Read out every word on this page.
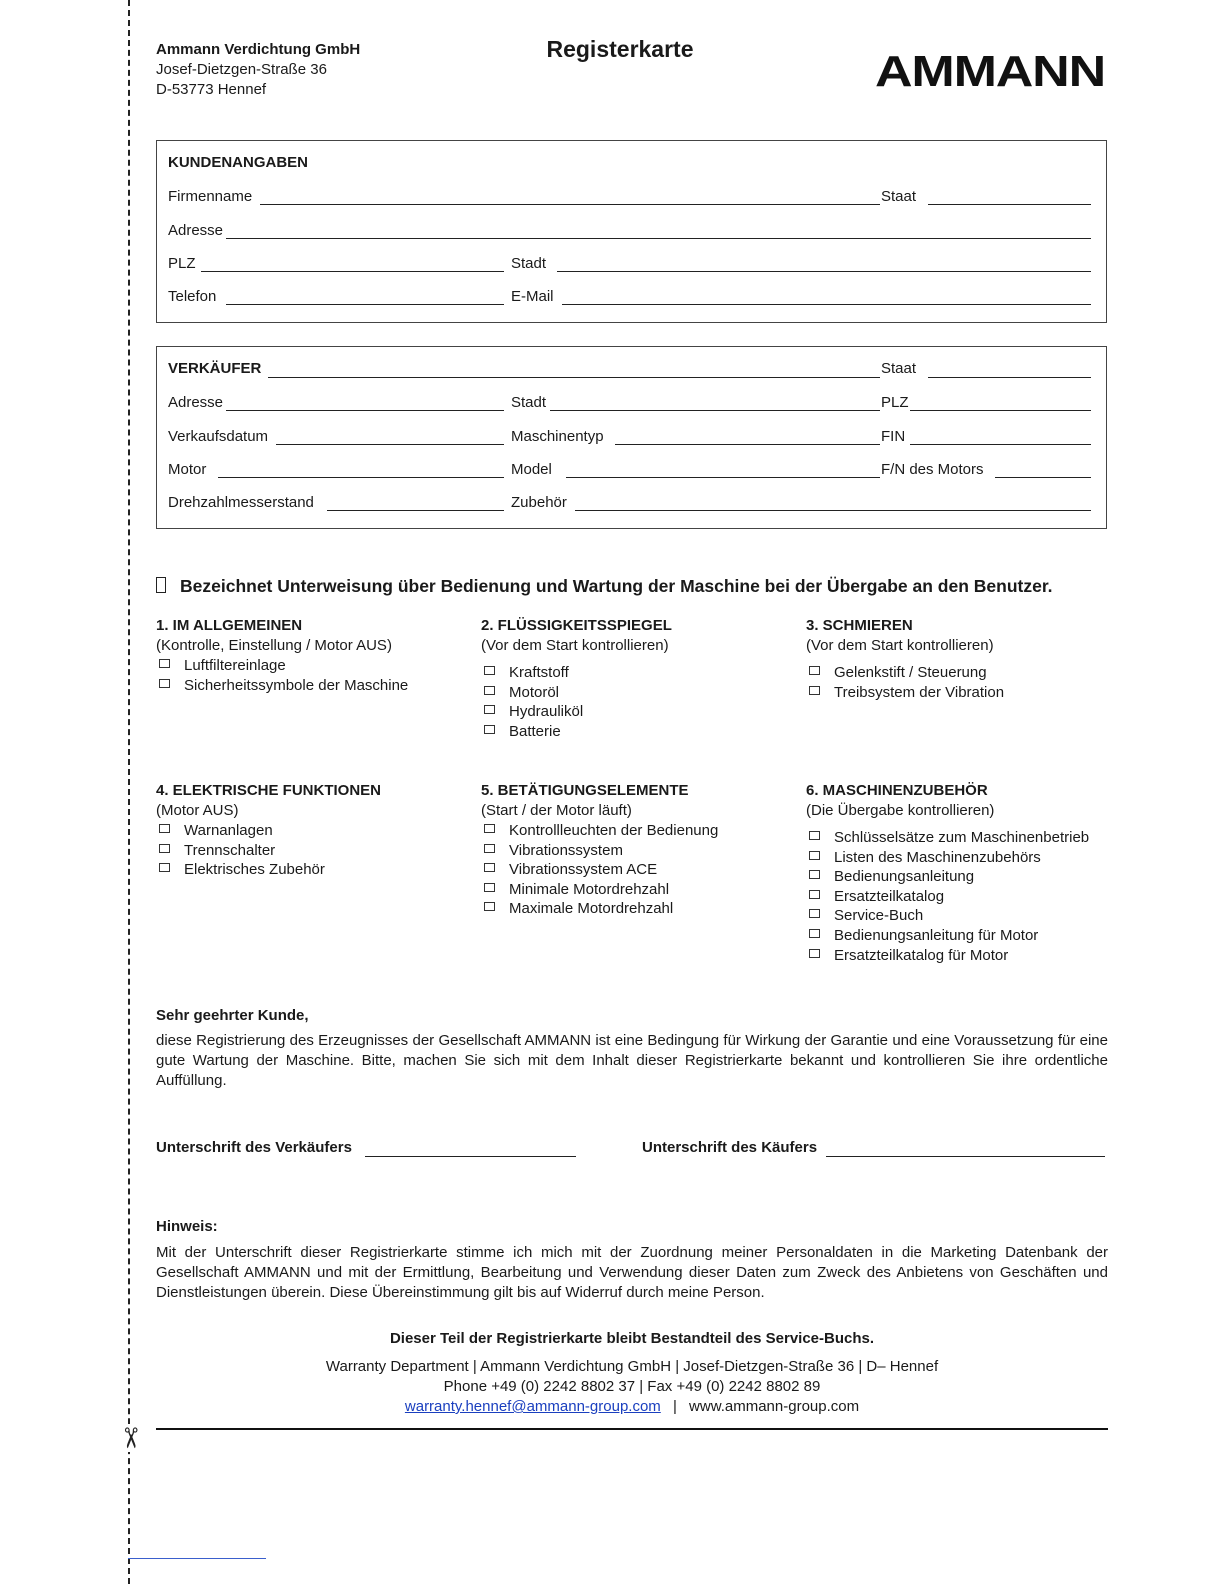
✂
Ammann Verdichtung GmbH
Josef-Dietzgen-Straße 36
D-53773 Hennef
Registerkarte	AMMANN
KUNDENANGABEN
Firmenname	Staat
Adresse
PLZ	Stadt
Telefon	E-Mail
VERKÄUFER	Staat
Adresse	Stadt	PLZ
Verkaufsdatum	Maschinentyp	FIN
Motor	Model	F/N des Motors
Drehzahlmesserstand	Zubehör
Bezeichnet Unterweisung über Bedienung und Wartung der Maschine bei der Übergabe an den Benutzer.
1. IM ALLGEMEINEN
(Kontrolle, Einstellung / Motor AUS)
Luftfiltereinlage
Sicherheitssymbole der Maschine
2. FLÜSSIGKEITSSPIEGEL
(Vor dem Start kontrollieren)
Kraftstoff
Motoröl
Hydrauliköl
Batterie
3. SCHMIEREN
(Vor dem Start kontrollieren)
Gelenkstift / Steuerung
Treibsystem der Vibration
4. ELEKTRISCHE FUNKTIONEN
(Motor AUS)
Warnanlagen
Trennschalter
Elektrisches Zubehör
5. BETÄTIGUNGSELEMENTE
(Start / der Motor läuft)
Kontrollleuchten der Bedienung
Vibrationssystem
Vibrationssystem ACE
Minimale Motordrehzahl
Maximale Motordrehzahl
6. MASCHINENZUBEHÖR
(Die Übergabe kontrollieren)
Schlüsselsätze zum Maschinenbetrieb
Listen des Maschinenzubehörs
Bedienungsanleitung
Ersatzteilkatalog
Service-Buch
Bedienungsanleitung für Motor
Ersatzteilkatalog für Motor
Sehr geehrter Kunde,
diese Registrierung des Erzeugnisses der Gesellschaft AMMANN ist eine Bedingung für Wirkung der Garantie und eine Voraussetzung für eine gute Wartung der Maschine. Bitte, machen Sie sich mit dem Inhalt dieser Registrierkarte bekannt und kontrollieren Sie ihre ordentliche Auffüllung.
Unterschrift des Verkäufers	Unterschrift des Käufers
Hinweis:
Mit der Unterschrift dieser Registrierkarte stimme ich mich mit der Zuordnung meiner Personaldaten in die Marketing Datenbank der Gesellschaft AMMANN und mit der Ermittlung, Bearbeitung und Verwendung dieser Daten zum Zweck des Anbietens von Geschäften und Dienstleistungen überein. Diese Übereinstimmung gilt bis auf Widerruf durch meine Person.
Dieser Teil der Registrierkarte bleibt Bestandteil des Service-Buchs.
Warranty Department | Ammann Verdichtung GmbH | Josef-Dietzgen-Straße 36 | D– Hennef
Phone +49 (0) 2242 8802 37 | Fax +49 (0) 2242 8802 89
warranty.hennef@ammann-group.com | www.ammann-group.com
